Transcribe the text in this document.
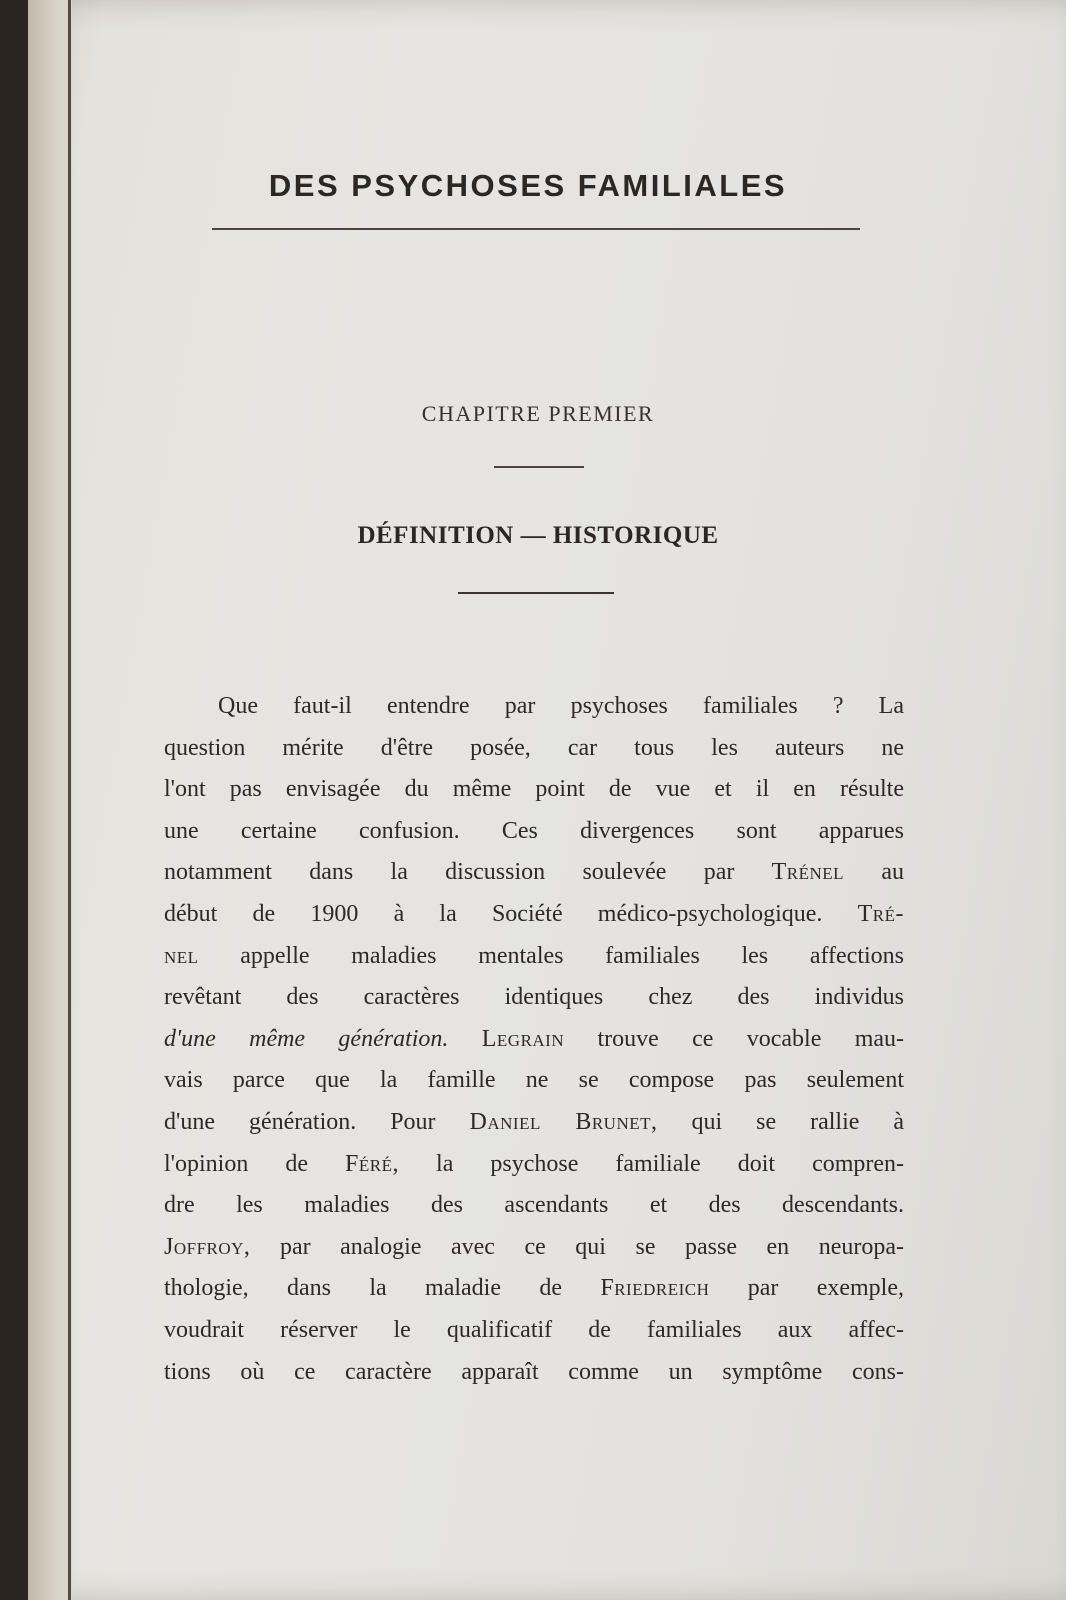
DES PSYCHOSES FAMILIALES
CHAPITRE PREMIER
DÉFINITION — HISTORIQUE
Que faut-il entendre par psychoses familiales ? La
question mérite d'être posée, car tous les auteurs ne
l'ont pas envisagée du même point de vue et il en résulte
une certaine confusion. Ces divergences sont apparues
notamment dans la discussion soulevée par Trénel au
début de 1900 à la Société médico-psychologique. Tré-
nel appelle maladies mentales familiales les affections
revêtant des caractères identiques chez des individus
d'une même génération. Legrain trouve ce vocable mau-
vais parce que la famille ne se compose pas seulement
d'une génération. Pour Daniel Brunet, qui se rallie à
l'opinion de Féré, la psychose familiale doit compren-
dre les maladies des ascendants et des descendants.
Joffroy, par analogie avec ce qui se passe en neuropa-
thologie, dans la maladie de Friedreich par exemple,
voudrait réserver le qualificatif de familiales aux affec-
tions où ce caractère apparaît comme un symptôme cons-
